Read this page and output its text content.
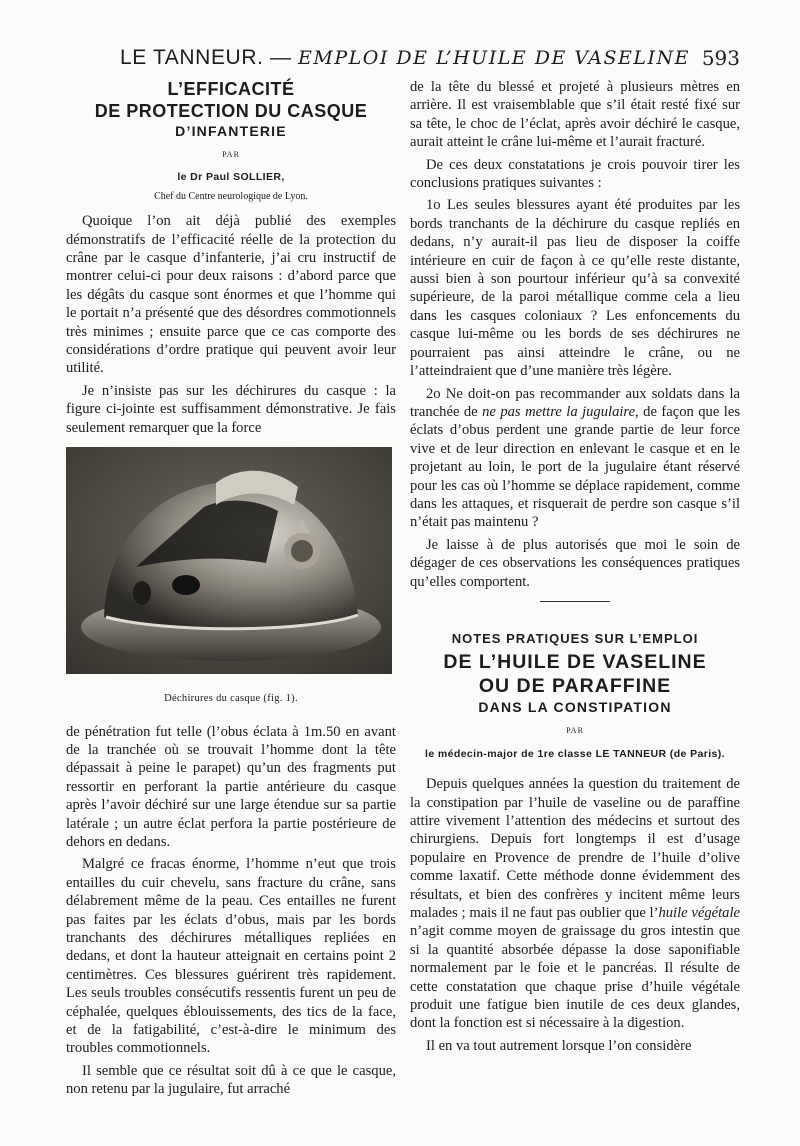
LE TANNEUR. — EMPLOI DE L’HUILE DE VASELINE 593
L’EFFICACITÉ
DE PROTECTION DU CASQUE
D’INFANTERIE
PAR
le Dr Paul SOLLIER,
Chef du Centre neurologique de Lyon.

Quoique l’on ait déjà publié des exemples démonstratifs de l’efficacité réelle de la protection du crâne par le casque d’infanterie, j’ai cru instructif de montrer celui-ci pour deux raisons : d’abord parce que les dégâts du casque sont énormes et que l’homme qui le portait n’a présenté que des désordres commotionnels très minimes ; ensuite parce que ce cas comporte des considérations d’ordre pratique qui peuvent avoir leur utilité.

Je n’insiste pas sur les déchirures du casque : la figure ci-jointe est suffisamment démonstrative. Je fais seulement remarquer que la force

Déchirures du casque (fig. 1).

de pénétration fut telle (l’obus éclata à 1m.50 en avant de la tranchée où se trouvait l’homme dont la tête dépassait à peine le parapet) qu’un des fragments put ressortir en perforant la partie antérieure du casque après l’avoir déchiré sur une large étendue sur sa partie latérale ; un autre éclat perfora la partie postérieure de dehors en dedans.

Malgré ce fracas énorme, l’homme n’eut que trois entailles du cuir chevelu, sans fracture du crâne, sans délabrement même de la peau. Ces entailles ne furent pas faites par les éclats d’obus, mais par les bords tranchants des déchirures métalliques repliées en dedans, et dont la hauteur atteignait en certains point 2 centimètres. Ces blessures guérirent très rapidement. Les seuls troubles consécutifs ressentis furent un peu de céphalée, quelques éblouissements, des tics de la face, et de la fatigabilité, c’est-à-dire le minimum des troubles commotionnels.

Il semble que ce résultat soit dû à ce que le casque, non retenu par la jugulaire, fut arraché

de la tête du blessé et projeté à plusieurs mètres en arrière. Il est vraisemblable que s’il était resté fixé sur sa tête, le choc de l’éclat, après avoir déchiré le casque, aurait atteint le crâne lui-même et l’aurait fracturé.

De ces deux constatations je crois pouvoir tirer les conclusions pratiques suivantes :

1o Les seules blessures ayant été produites par les bords tranchants de la déchirure du casque repliés en dedans, n’y aurait-il pas lieu de disposer la coiffe intérieure en cuir de façon à ce qu’elle reste distante, aussi bien à son pourtour inférieur qu’à sa convexité supérieure, de la paroi métallique comme cela a lieu dans les casques coloniaux ? Les enfoncements du casque lui-même ou les bords de ses déchirures ne pourraient pas ainsi atteindre le crâne, ou ne l’atteindraient que d’une manière très légère.

2o Ne doit-on pas recommander aux soldats dans la tranchée de ne pas mettre la jugulaire, de façon que les éclats d’obus perdent une grande partie de leur force vive et de leur direction en enlevant le casque et en le projetant au loin, le port de la jugulaire étant réservé pour les cas où l’homme se déplace rapidement, comme dans les attaques, et risquerait de perdre son casque s’il n’était pas maintenu ?

Je laisse à de plus autorisés que moi le soin de dégager de ces observations les conséquences pratiques qu’elles comportent.

NOTES PRATIQUES SUR L’EMPLOI
DE L’HUILE DE VASELINE
OU DE PARAFFINE
DANS LA CONSTIPATION
PAR
le médecin-major de 1re classe LE TANNEUR (de Paris).

Depuis quelques années la question du traitement de la constipation par l’huile de vaseline ou de paraffine attire vivement l’attention des médecins et surtout des chirurgiens. Depuis fort longtemps il est d’usage populaire en Provence de prendre de l’huile d’olive comme laxatif. Cette méthode donne évidemment des résultats, et bien des confrères y incitent même leurs malades ; mais il ne faut pas oublier que l’huile végétale n’agit comme moyen de graissage du gros intestin que si la quantité absorbée dépasse la dose saponifiable normalement par le foie et le pancréas. Il résulte de cette constatation que chaque prise d’huile végétale produit une fatigue bien inutile de ces deux glandes, dont la fonction est si nécessaire à la digestion.

Il en va tout autrement lorsque l’on considère
